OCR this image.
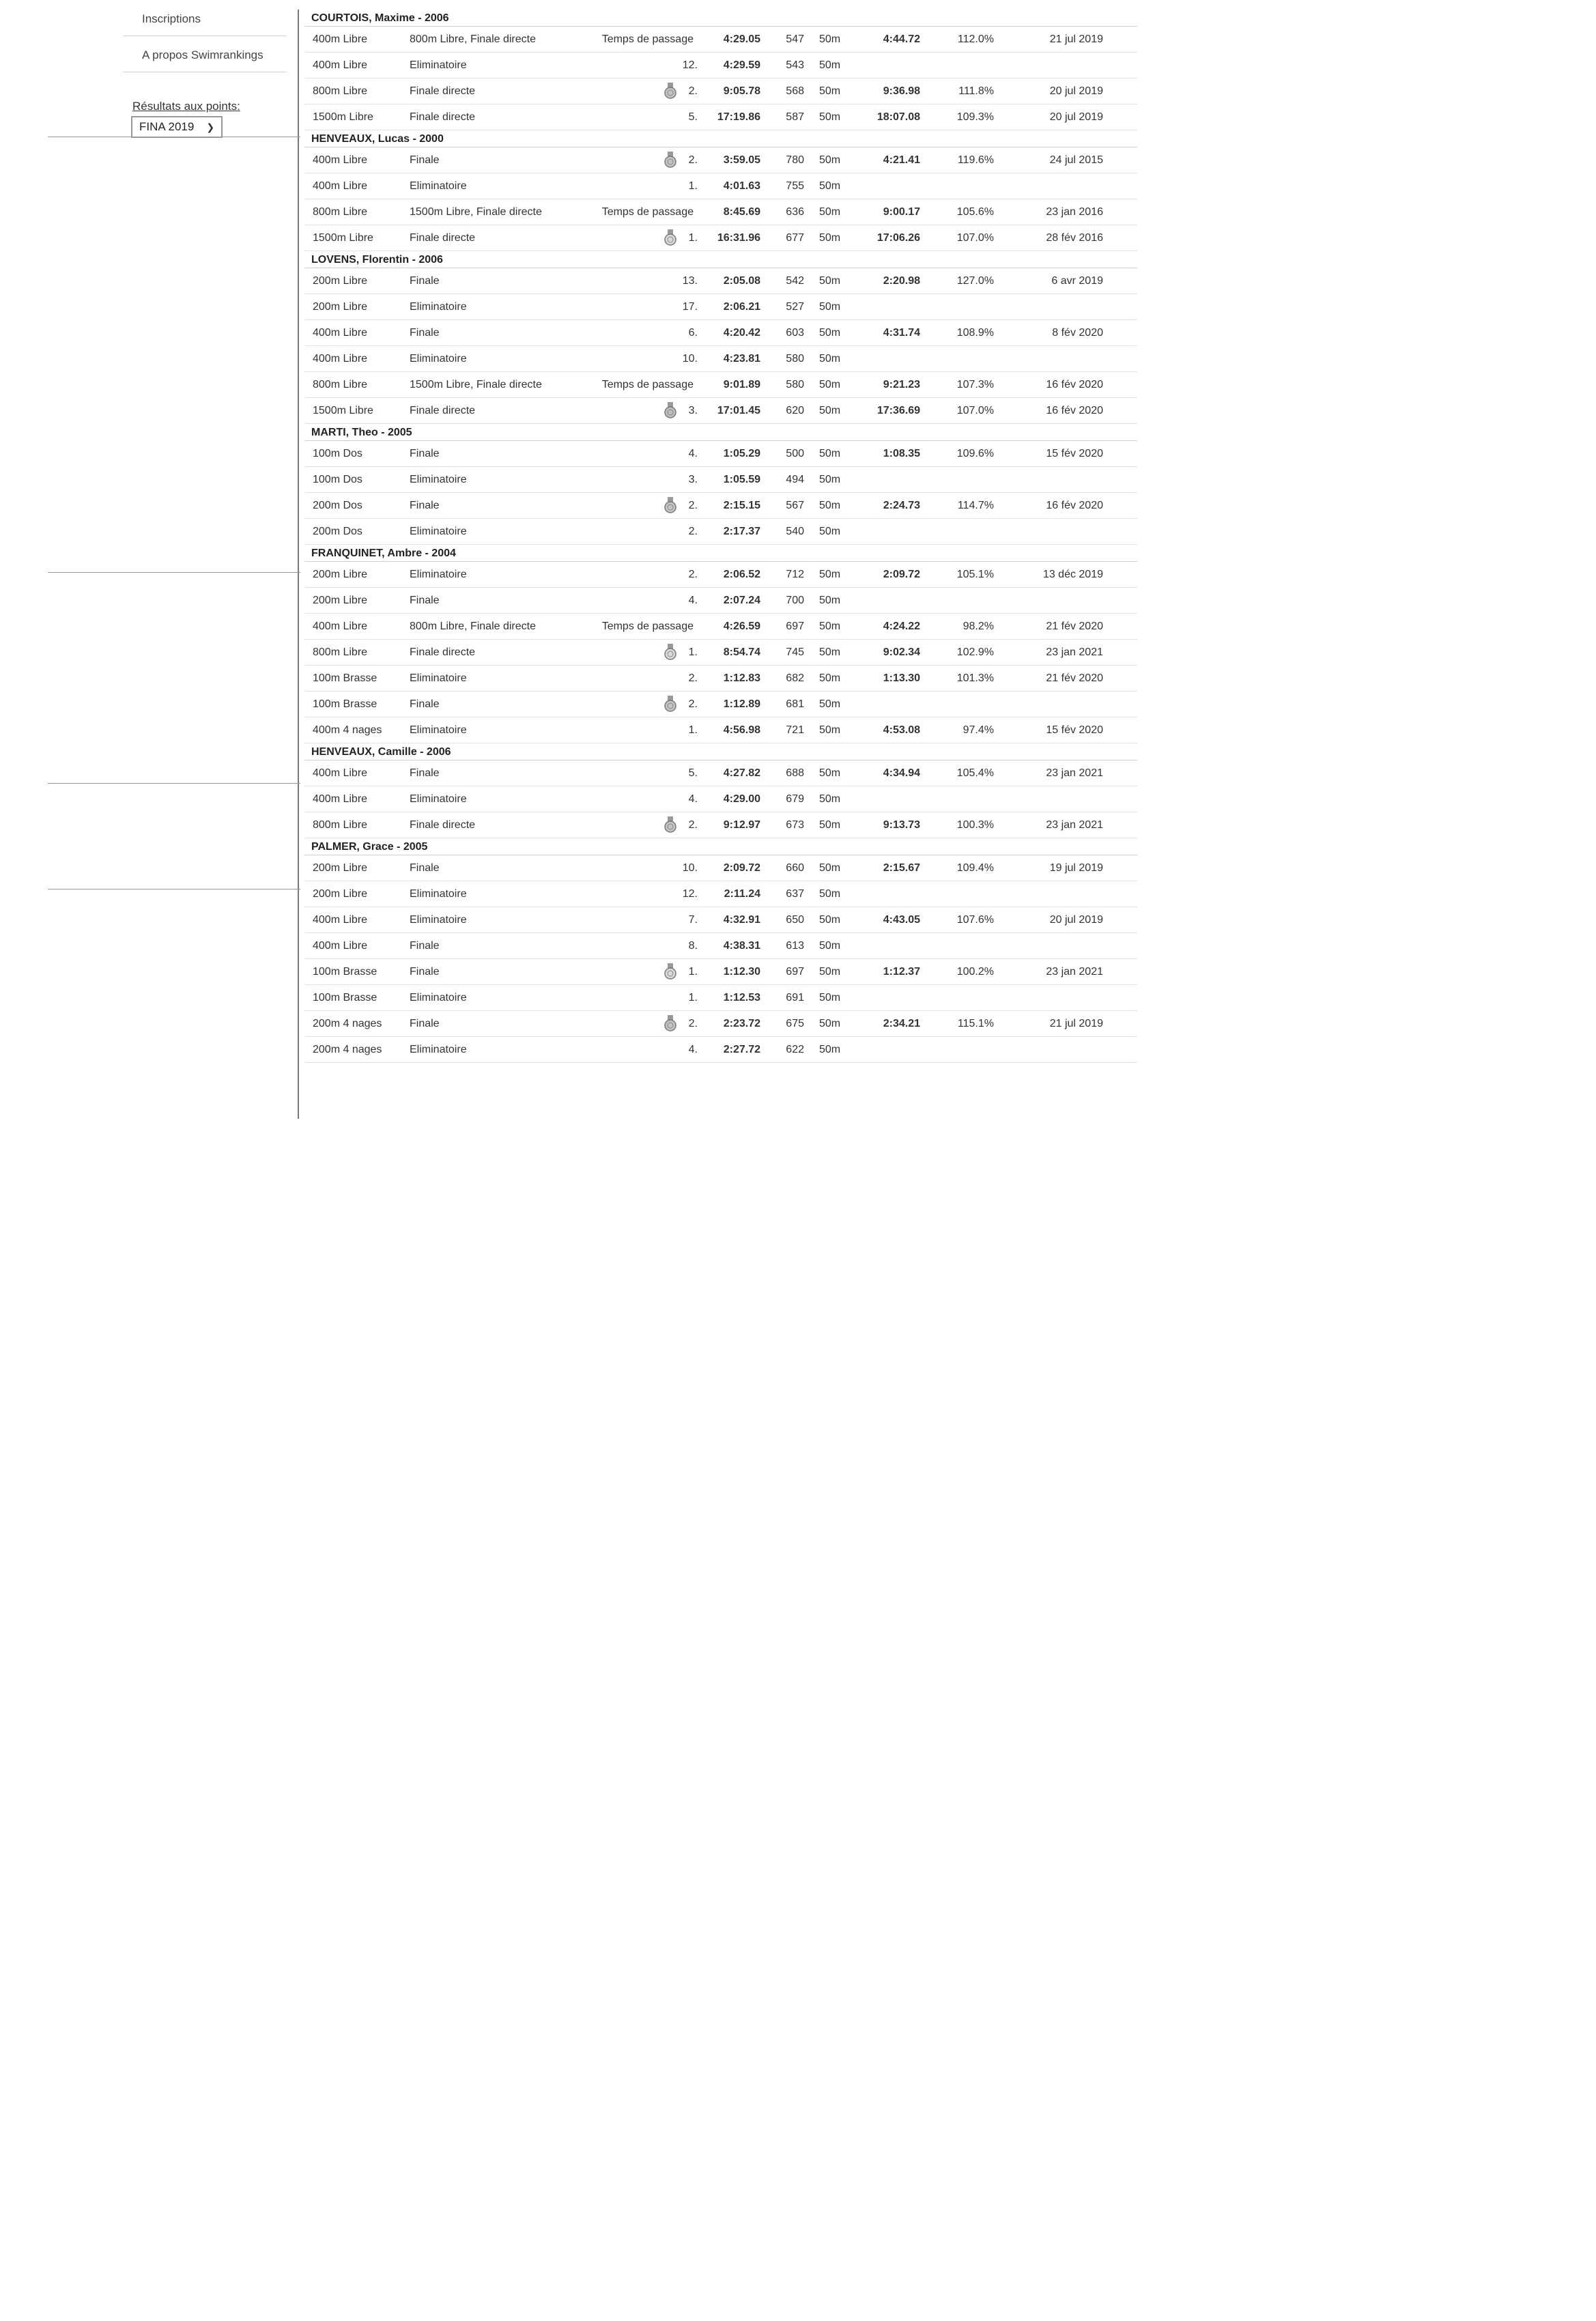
Inscriptions
A propos Swimrankings
Résultats aux points:
FINA 2019 ❯
COURTOIS, Maxime - 2006
400m Libre	800m Libre, Finale directe	Temps de passage	4:29.05	547 50m	4:44.72	112.0%	21 jul 2019
400m Libre	Eliminatoire	12.	4:29.59	543 50m
800m Libre	Finale directe	2.	9:05.78	568 50m	9:36.98	111.8%	20 jul 2019
1500m Libre	Finale directe	5.	17:19.86	587 50m	18:07.08	109.3%	20 jul 2019
HENVEAUX, Lucas - 2000
400m Libre	Finale	2.	3:59.05	780 50m	4:21.41	119.6%	24 jul 2015
400m Libre	Eliminatoire	1.	4:01.63	755 50m
800m Libre	1500m Libre, Finale directe	Temps de passage	8:45.69	636 50m	9:00.17	105.6%	23 jan 2016
1500m Libre	Finale directe	1.	16:31.96	677 50m	17:06.26	107.0%	28 fév 2016
LOVENS, Florentin - 2006
200m Libre	Finale	13.	2:05.08	542 50m	2:20.98	127.0%	6 avr 2019
200m Libre	Eliminatoire	17.	2:06.21	527 50m
400m Libre	Finale	6.	4:20.42	603 50m	4:31.74	108.9%	8 fév 2020
400m Libre	Eliminatoire	10.	4:23.81	580 50m
800m Libre	1500m Libre, Finale directe	Temps de passage	9:01.89	580 50m	9:21.23	107.3%	16 fév 2020
1500m Libre	Finale directe	3.	17:01.45	620 50m	17:36.69	107.0%	16 fév 2020
MARTI, Theo - 2005
100m Dos	Finale	4.	1:05.29	500 50m	1:08.35	109.6%	15 fév 2020
100m Dos	Eliminatoire	3.	1:05.59	494 50m
200m Dos	Finale	2.	2:15.15	567 50m	2:24.73	114.7%	16 fév 2020
200m Dos	Eliminatoire	2.	2:17.37	540 50m
FRANQUINET, Ambre - 2004
200m Libre	Eliminatoire	2.	2:06.52	712 50m	2:09.72	105.1%	13 déc 2019
200m Libre	Finale	4.	2:07.24	700 50m
400m Libre	800m Libre, Finale directe	Temps de passage	4:26.59	697 50m	4:24.22	98.2%	21 fév 2020
800m Libre	Finale directe	1.	8:54.74	745 50m	9:02.34	102.9%	23 jan 2021
100m Brasse	Eliminatoire	2.	1:12.83	682 50m	1:13.30	101.3%	21 fév 2020
100m Brasse	Finale	2.	1:12.89	681 50m
400m 4 nages	Eliminatoire	1.	4:56.98	721 50m	4:53.08	97.4%	15 fév 2020
HENVEAUX, Camille - 2006
400m Libre	Finale	5.	4:27.82	688 50m	4:34.94	105.4%	23 jan 2021
400m Libre	Eliminatoire	4.	4:29.00	679 50m
800m Libre	Finale directe	2.	9:12.97	673 50m	9:13.73	100.3%	23 jan 2021
PALMER, Grace - 2005
200m Libre	Finale	10.	2:09.72	660 50m	2:15.67	109.4%	19 jul 2019
200m Libre	Eliminatoire	12.	2:11.24	637 50m
400m Libre	Eliminatoire	7.	4:32.91	650 50m	4:43.05	107.6%	20 jul 2019
400m Libre	Finale	8.	4:38.31	613 50m
100m Brasse	Finale	1.	1:12.30	697 50m	1:12.37	100.2%	23 jan 2021
100m Brasse	Eliminatoire	1.	1:12.53	691 50m
200m 4 nages	Finale	2.	2:23.72	675 50m	2:34.21	115.1%	21 jul 2019
200m 4 nages	Eliminatoire	4.	2:27.72	622 50m
